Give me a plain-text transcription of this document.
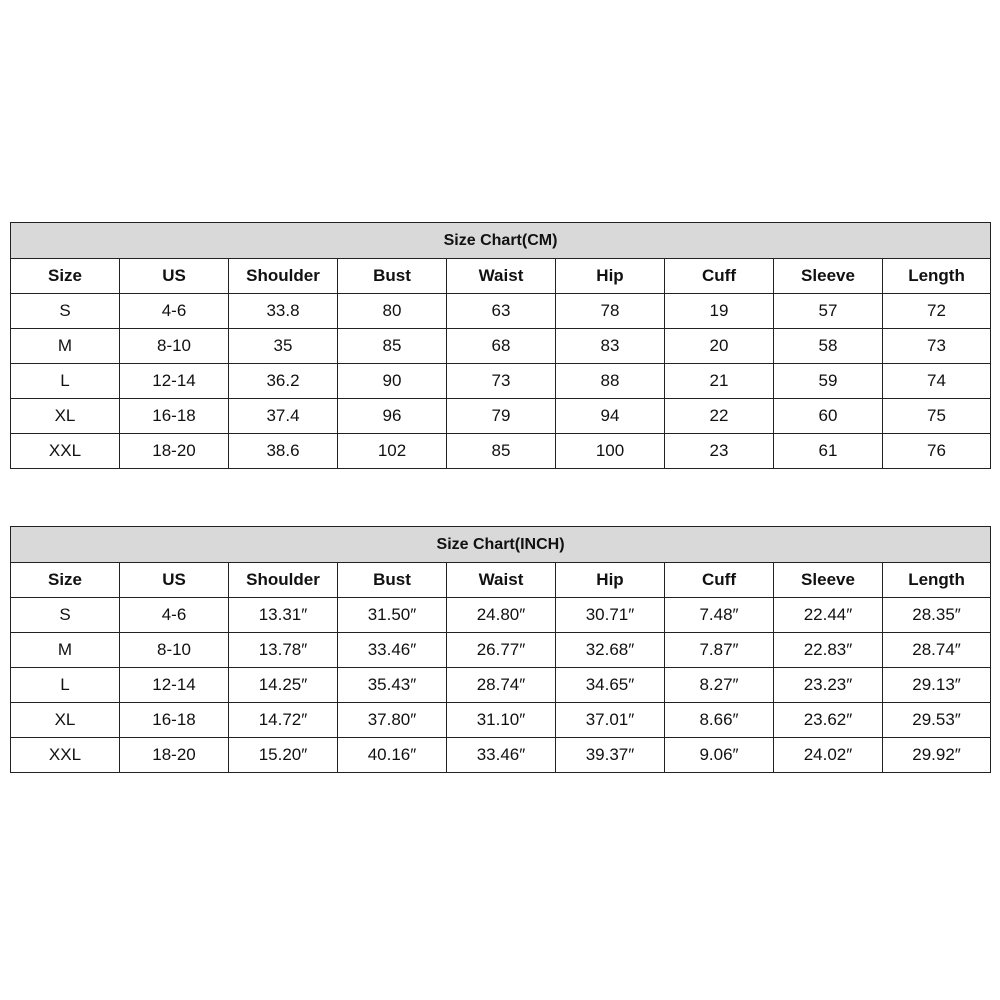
Size Chart(CM)								
Size	US	Shoulder	Bust	Waist	Hip	Cuff	Sleeve	Length
S	4-6	33.8	80	63	78	19	57	72
M	8-10	35	85	68	83	20	58	73
L	12-14	36.2	90	73	88	21	59	74
XL	16-18	37.4	96	79	94	22	60	75
XXL	18-20	38.6	102	85	100	23	61	76
Size Chart(INCH)								
Size	US	Shoulder	Bust	Waist	Hip	Cuff	Sleeve	Length
S	4-6	13.31″	31.50″	24.80″	30.71″	7.48″	22.44″	28.35″
M	8-10	13.78″	33.46″	26.77″	32.68″	7.87″	22.83″	28.74″
L	12-14	14.25″	35.43″	28.74″	34.65″	8.27″	23.23″	29.13″
XL	16-18	14.72″	37.80″	31.10″	37.01″	8.66″	23.62″	29.53″
XXL	18-20	15.20″	40.16″	33.46″	39.37″	9.06″	24.02″	29.92″
